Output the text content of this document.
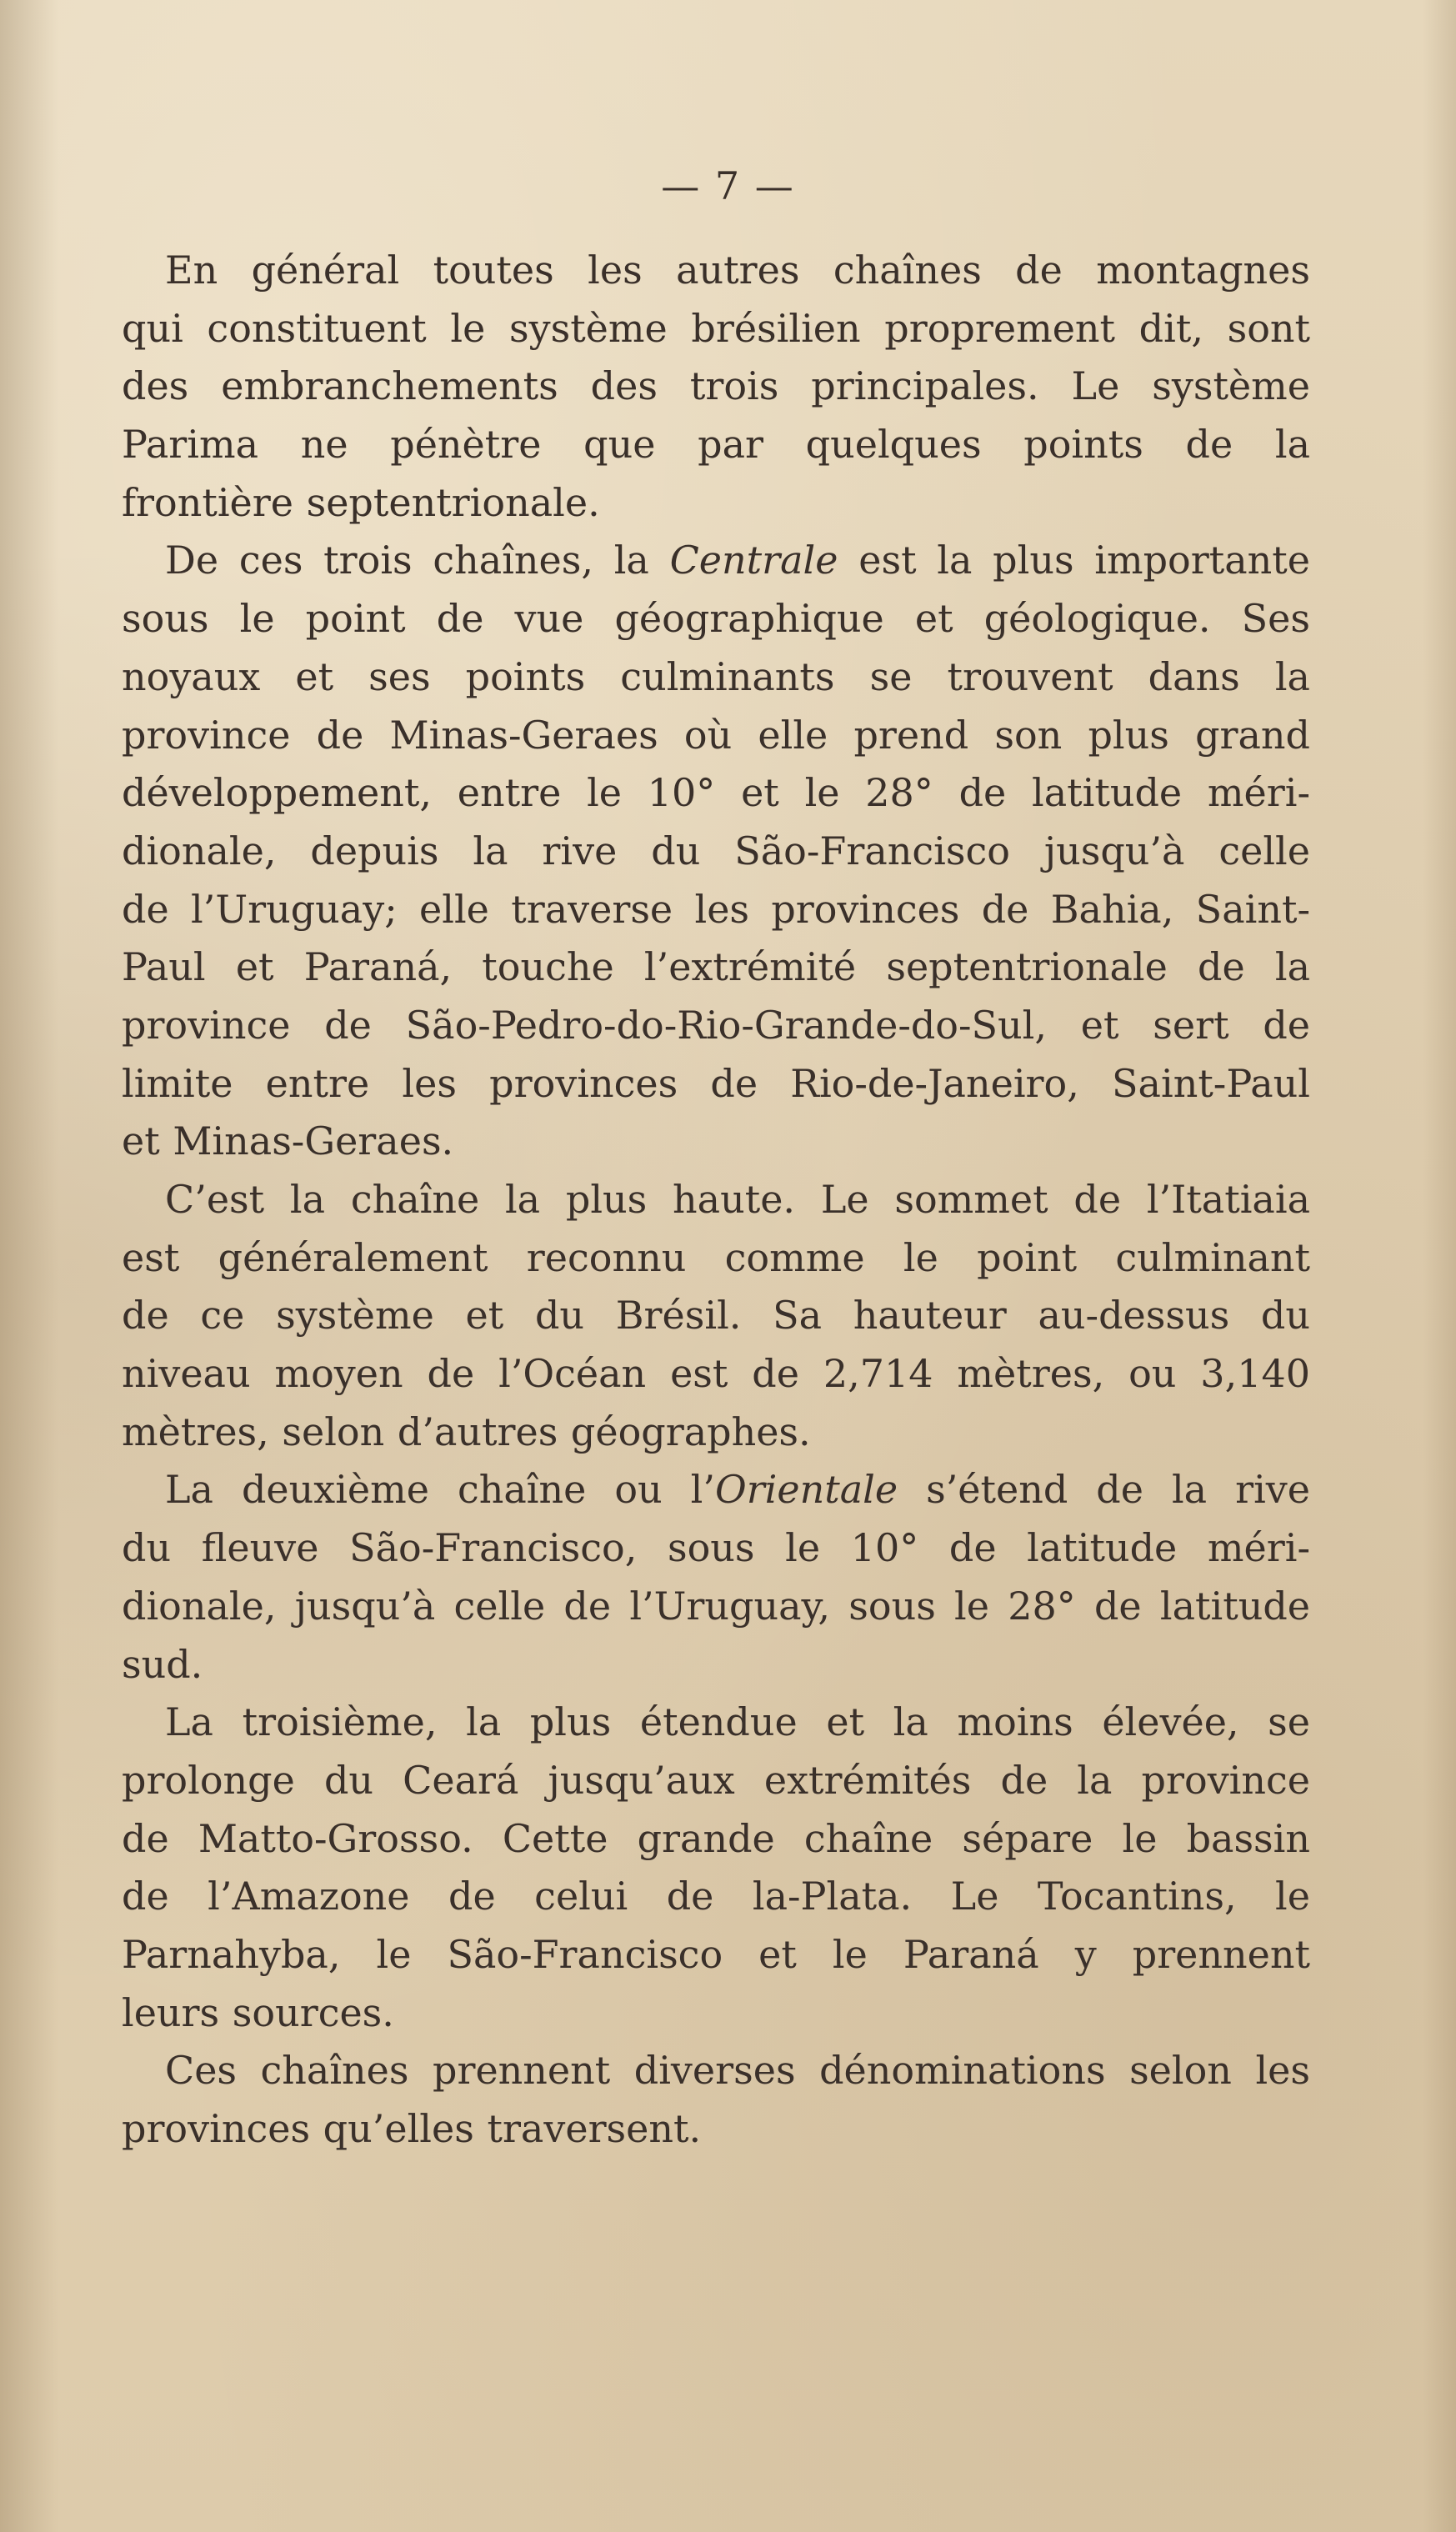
— 7 —
En général toutes les autres chaînes de montagnes
qui constituent le système brésilien proprement dit, sont
des embranchements des trois principales. Le système
Parima ne pénètre que par quelques points de la
frontière septentrionale.
De ces trois chaînes, la Centrale est la plus importante
sous le point de vue géographique et géologique. Ses
noyaux et ses points culminants se trouvent dans la
province de Minas-Geraes où elle prend son plus grand
développement, entre le 10° et le 28° de latitude méri-
dionale, depuis la rive du São-Francisco jusqu’à celle
de l’Uruguay; elle traverse les provinces de Bahia, Saint-
Paul et Paraná, touche l’extrémité septentrionale de la
province de São-Pedro-do-Rio-Grande-do-Sul, et sert de
limite entre les provinces de Rio-de-Janeiro, Saint-Paul
et Minas-Geraes.
C’est la chaîne la plus haute. Le sommet de l’Itatiaia
est généralement reconnu comme le point culminant
de ce système et du Brésil. Sa hauteur au-dessus du
niveau moyen de l’Océan est de 2,714 mètres, ou 3,140
mètres, selon d’autres géographes.
La deuxième chaîne ou l’Orientale s’étend de la rive
du fleuve São-Francisco, sous le 10° de latitude méri-
dionale, jusqu’à celle de l’Uruguay, sous le 28° de latitude
sud.
La troisième, la plus étendue et la moins élevée, se
prolonge du Ceará jusqu’aux extrémités de la province
de Matto-Grosso. Cette grande chaîne sépare le bassin
de l’Amazone de celui de la-Plata. Le Tocantins, le
Parnahyba, le São-Francisco et le Paraná y prennent
leurs sources.
Ces chaînes prennent diverses dénominations selon les
provinces qu’elles traversent.
